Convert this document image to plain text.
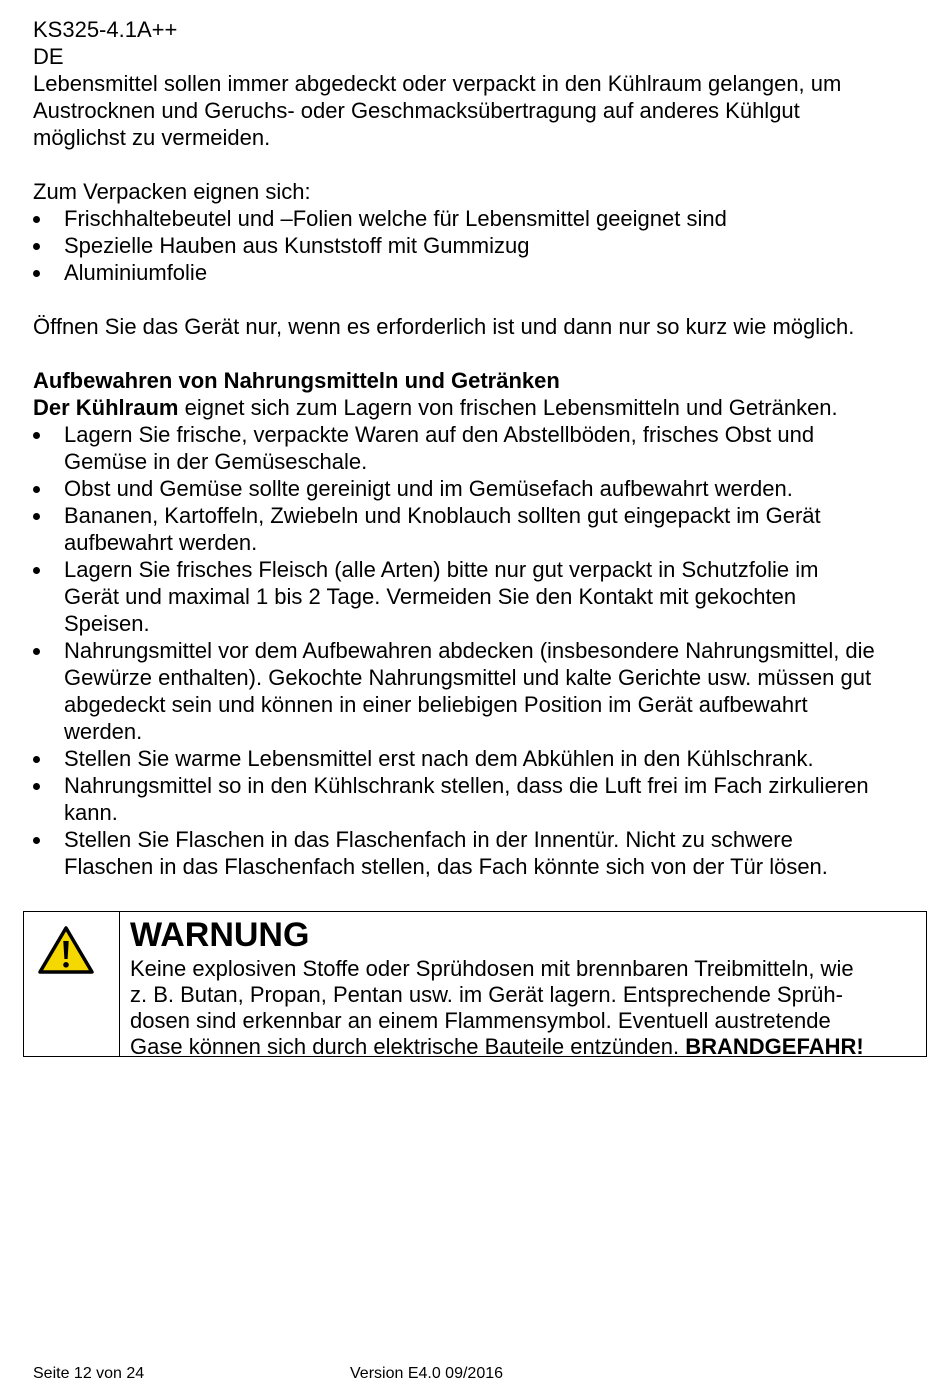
KS325-4.1A++
DE
Lebensmittel sollen immer abgedeckt oder verpackt in den Kühlraum gelangen, um
Austrocknen und Geruchs- oder Geschmacksübertragung auf anderes Kühlgut
möglichst zu vermeiden.
Zum Verpacken eignen sich:
Frischhaltebeutel und –Folien welche für Lebensmittel geeignet sind
Spezielle Hauben aus Kunststoff mit Gummizug
Aluminiumfolie
Öffnen Sie das Gerät nur, wenn es erforderlich ist und dann nur so kurz wie möglich.
Aufbewahren von Nahrungsmitteln und Getränken
Der Kühlraum eignet sich zum Lagern von frischen Lebensmitteln und Getränken.
Lagern Sie frische, verpackte Waren auf den Abstellböden, frisches Obst und
Gemüse in der Gemüseschale.
Obst und Gemüse sollte gereinigt und im Gemüsefach aufbewahrt werden.
Bananen, Kartoffeln, Zwiebeln und Knoblauch sollten gut eingepackt im Gerät
aufbewahrt werden.
Lagern Sie frisches Fleisch (alle Arten) bitte nur gut verpackt in Schutzfolie im
Gerät und maximal 1 bis 2 Tage. Vermeiden Sie den Kontakt mit gekochten
Speisen.
Nahrungsmittel vor dem Aufbewahren abdecken (insbesondere Nahrungsmittel, die
Gewürze enthalten). Gekochte Nahrungsmittel und kalte Gerichte usw. müssen gut
abgedeckt sein und können in einer beliebigen Position im Gerät aufbewahrt
werden.
Stellen Sie warme Lebensmittel erst nach dem Abkühlen in den Kühlschrank.
Nahrungsmittel so in den Kühlschrank stellen, dass die Luft frei im Fach zirkulieren
kann.
Stellen Sie Flaschen in das Flaschenfach in der Innentür. Nicht zu schwere
Flaschen in das Flaschenfach stellen, das Fach könnte sich von der Tür lösen.
WARNUNG
Keine explosiven Stoffe oder Sprühdosen mit brennbaren Treibmitteln, wie
z. B. Butan, Propan, Pentan usw. im Gerät lagern. Entsprechende Sprüh-
dosen sind erkennbar an einem Flammensymbol. Eventuell austretende
Gase können sich durch elektrische Bauteile entzünden. BRANDGEFAHR!
Seite 12 von 24	Version E4.0 09/2016
